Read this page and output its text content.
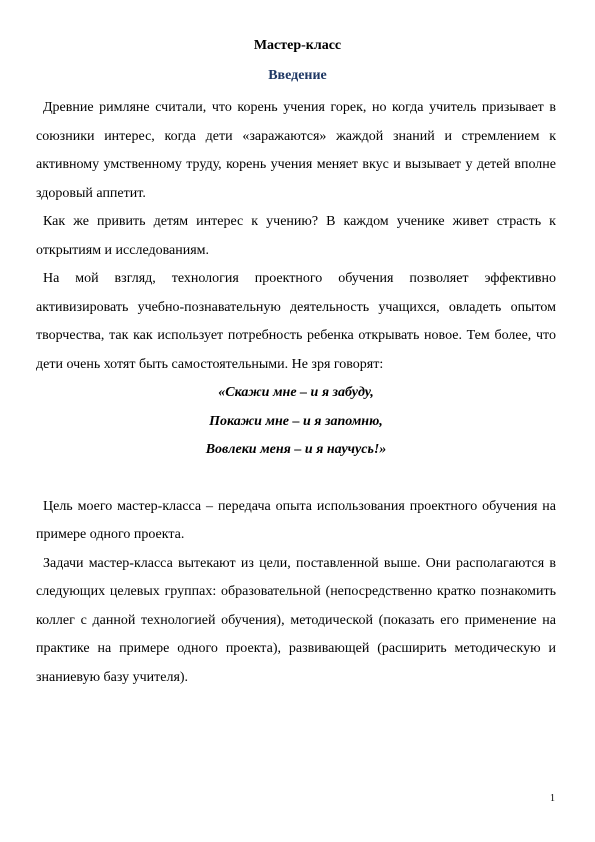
Мастер-класс
Введение

Древние римляне считали, что корень учения горек, но когда учитель призывает в союзники интерес, когда дети «заражаются» жаждой знаний и стремлением к активному умственному труду, корень учения меняет вкус и вызывает у детей вполне здоровый аппетит.

Как же привить детям интерес к учению? В каждом ученике живет страсть к открытиям и исследованиям.

На мой взгляд, технология проектного обучения позволяет эффективно активизировать учебно-познавательную деятельность учащихся, овладеть опытом творчества, так как использует потребность ребенка открывать новое. Тем более, что дети очень хотят быть самостоятельными. Не зря говорят:

«Скажи мне – и я забуду,

Покажи мне – и я запомню,

Вовлеки меня – и я научусь!»

Цель моего мастер-класса – передача опыта использования проектного обучения на примере одного проекта.

Задачи мастер-класса вытекают из цели, поставленной выше. Они располагаются в следующих целевых группах: образовательной (непосредственно кратко познакомить коллег с данной технологией обучения), методической (показать его применение на практике на примере одного проекта), развивающей (расширить методическую и знаниевую базу учителя).

1
